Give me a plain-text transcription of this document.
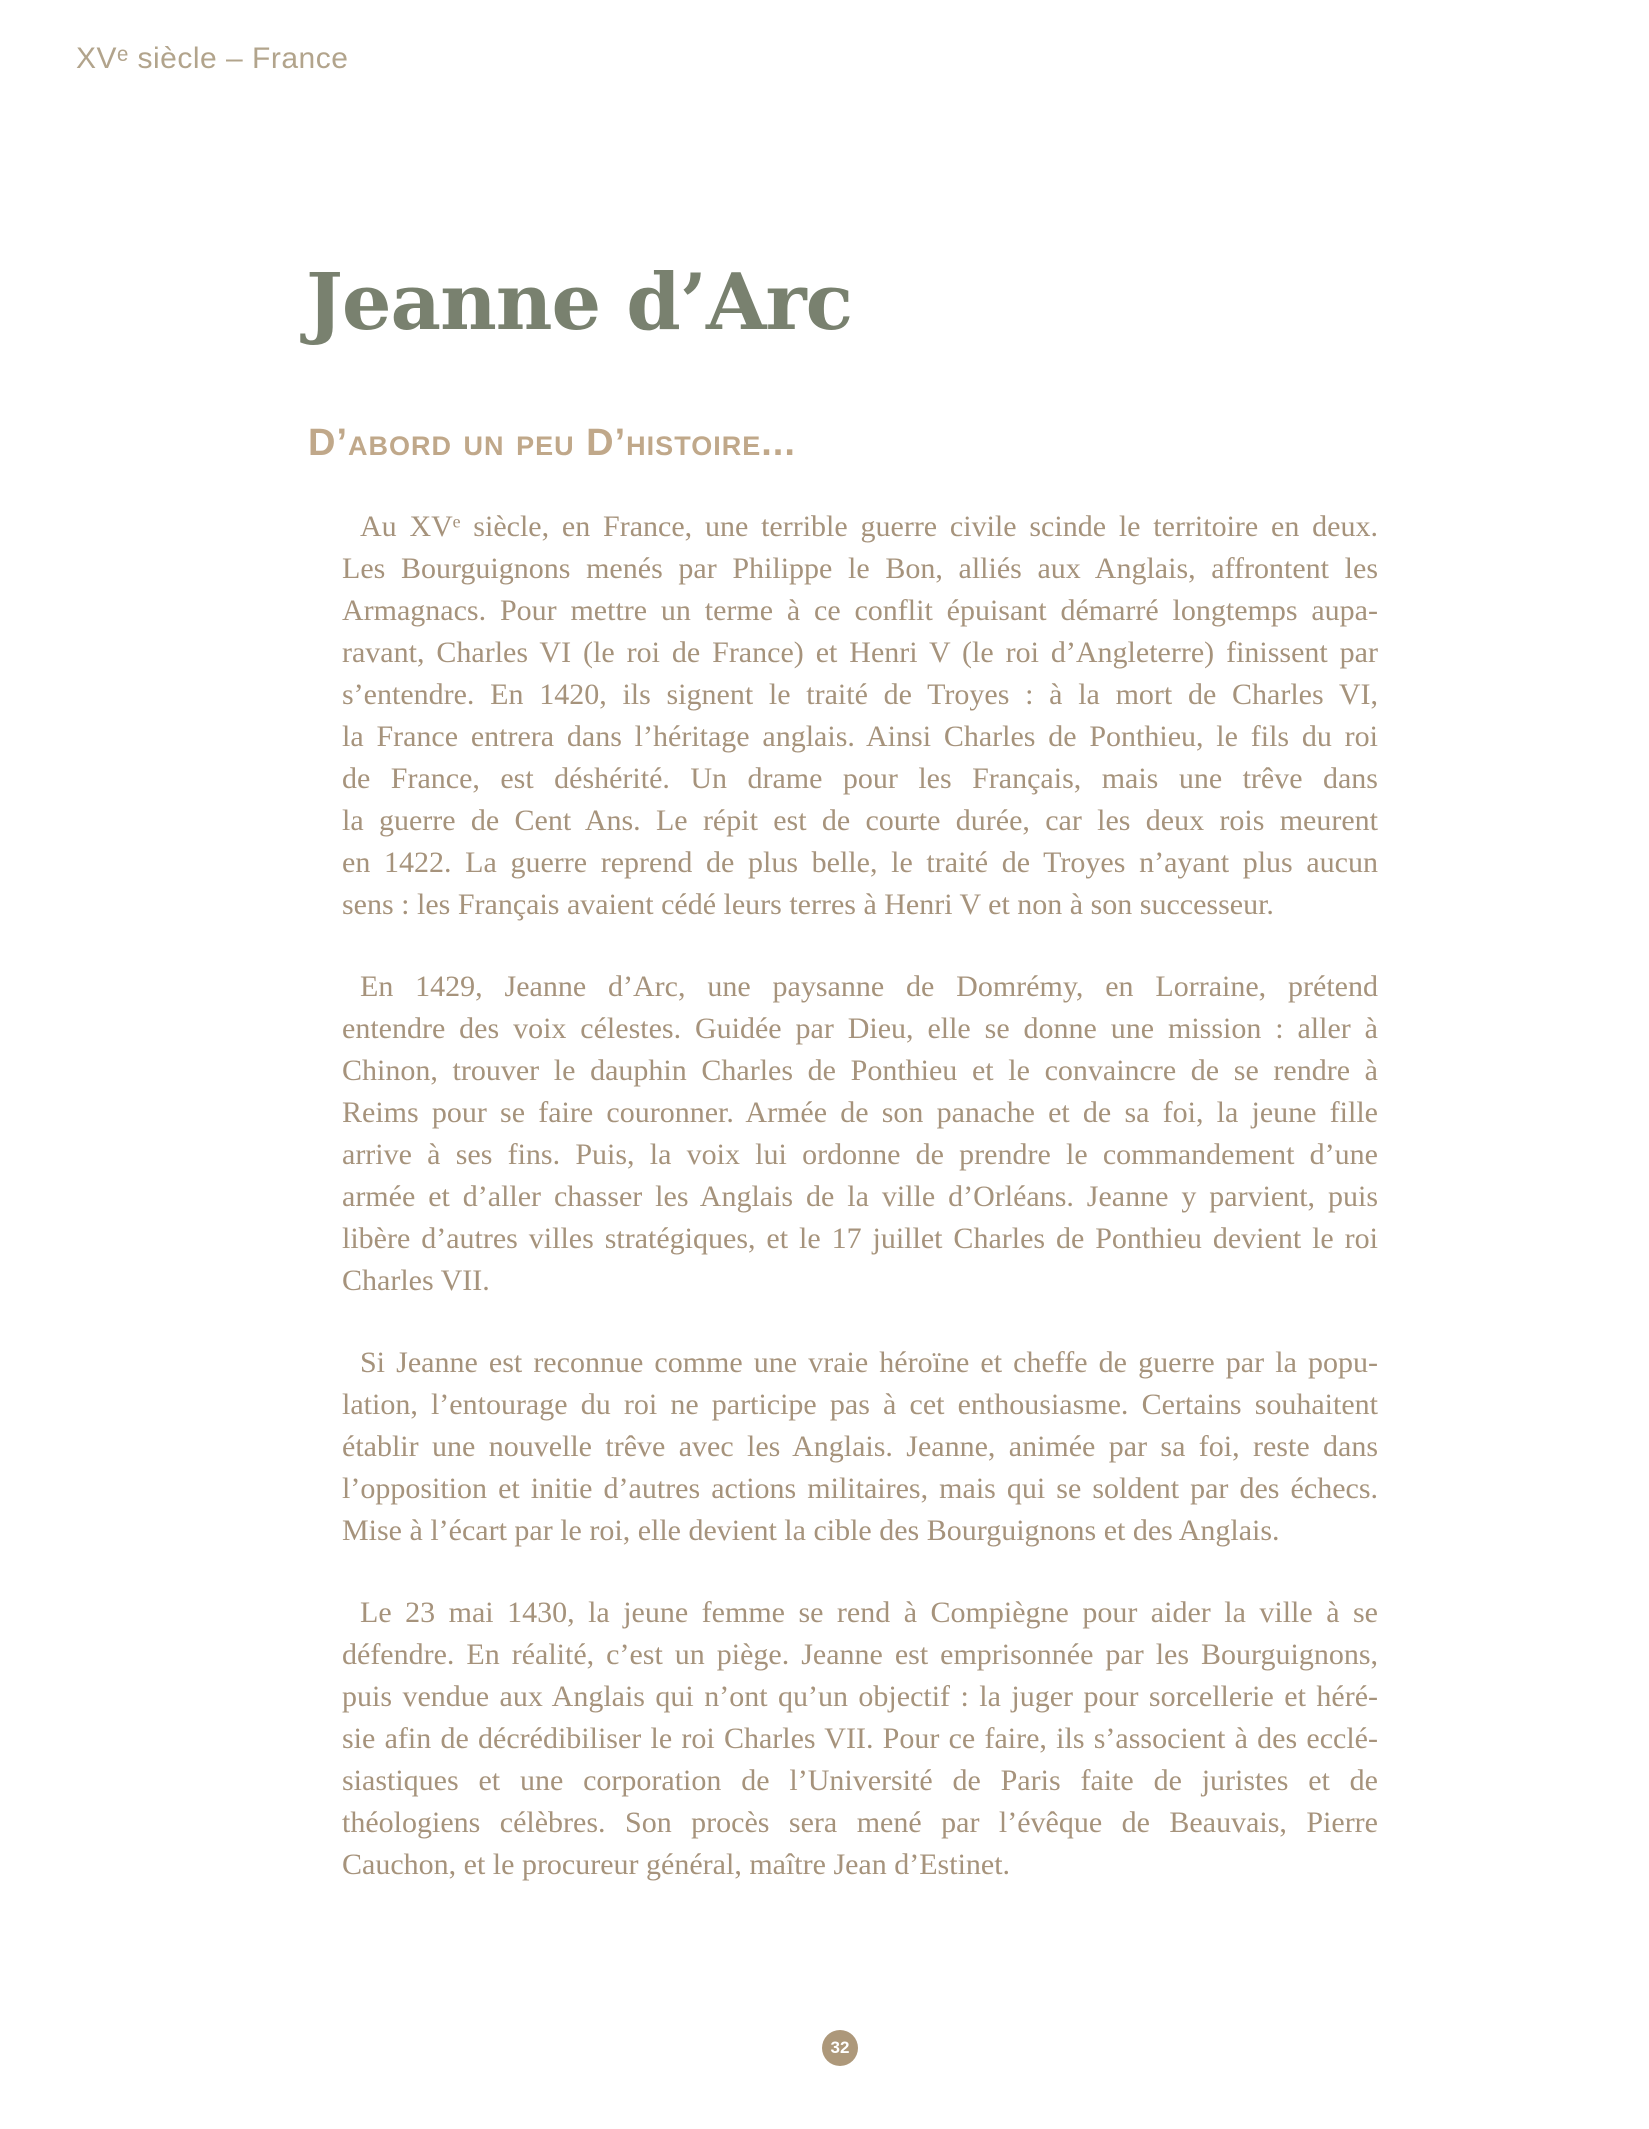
XVᵉ siècle – France
Jeanne d’Arc
D’abord un peu D’histoire...
Au XVᵉ siècle, en France, une terrible guerre civile scinde le territoire en deux.
Les Bourguignons menés par Philippe le Bon, alliés aux Anglais, affrontent les
Armagnacs. Pour mettre un terme à ce conflit épuisant démarré longtemps aupa-
ravant, Charles VI (le roi de France) et Henri V (le roi d’Angleterre) finissent par
s’entendre. En 1420, ils signent le traité de Troyes : à la mort de Charles VI,
la France entrera dans l’héritage anglais. Ainsi Charles de Ponthieu, le fils du roi
de France, est déshérité. Un drame pour les Français, mais une trêve dans
la guerre de Cent Ans. Le répit est de courte durée, car les deux rois meurent
en 1422. La guerre reprend de plus belle, le traité de Troyes n’ayant plus aucun
sens : les Français avaient cédé leurs terres à Henri V et non à son successeur.
En 1429, Jeanne d’Arc, une paysanne de Domrémy, en Lorraine, prétend
entendre des voix célestes. Guidée par Dieu, elle se donne une mission : aller à
Chinon, trouver le dauphin Charles de Ponthieu et le convaincre de se rendre à
Reims pour se faire couronner. Armée de son panache et de sa foi, la jeune fille
arrive à ses fins. Puis, la voix lui ordonne de prendre le commandement d’une
armée et d’aller chasser les Anglais de la ville d’Orléans. Jeanne y parvient, puis
libère d’autres villes stratégiques, et le 17 juillet Charles de Ponthieu devient le roi
Charles VII.
Si Jeanne est reconnue comme une vraie héroïne et cheffe de guerre par la popu-
lation, l’entourage du roi ne participe pas à cet enthousiasme. Certains souhaitent
établir une nouvelle trêve avec les Anglais. Jeanne, animée par sa foi, reste dans
l’opposition et initie d’autres actions militaires, mais qui se soldent par des échecs.
Mise à l’écart par le roi, elle devient la cible des Bourguignons et des Anglais.
Le 23 mai 1430, la jeune femme se rend à Compiègne pour aider la ville à se
défendre. En réalité, c’est un piège. Jeanne est emprisonnée par les Bourguignons,
puis vendue aux Anglais qui n’ont qu’un objectif : la juger pour sorcellerie et héré-
sie afin de décrédibiliser le roi Charles VII. Pour ce faire, ils s’associent à des ecclé-
siastiques et une corporation de l’Université de Paris faite de juristes et de
théologiens célèbres. Son procès sera mené par l’évêque de Beauvais, Pierre
Cauchon, et le procureur général, maître Jean d’Estinet.
32
